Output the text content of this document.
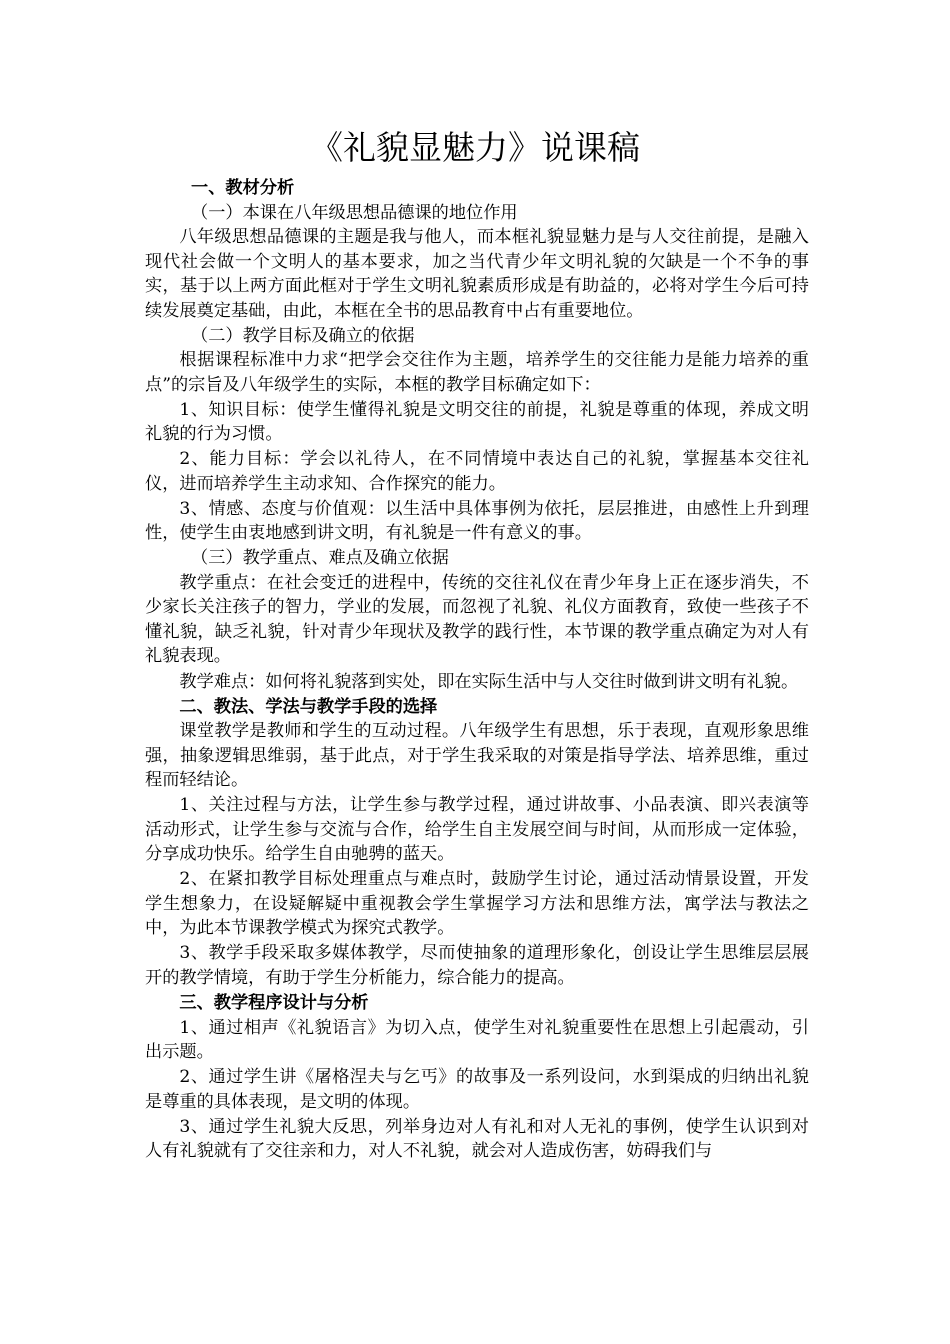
《礼貌显魅力》说课稿
一、教材分析
（一）本课在八年级思想品德课的地位作用

八年级思想品德课的主题是我与他人，而本框礼貌显魅力是与人交往前提，是融入现代社会做一个文明人的基本要求，加之当代青少年文明礼貌的欠缺是一个不争的事实，基于以上两方面此框对于学生文明礼貌素质形成是有助益的，必将对学生今后可持续发展奠定基础，由此，本框在全书的思品教育中占有重要地位。

（二）教学目标及确立的依据

根据课程标准中力求“把学会交往作为主题，培养学生的交往能力是能力培养的重点”的宗旨及八年级学生的实际，本框的教学目标确定如下：

1、知识目标：使学生懂得礼貌是文明交往的前提，礼貌是尊重的体现，养成文明礼貌的行为习惯。

2、能力目标：学会以礼待人，在不同情境中表达自己的礼貌，掌握基本交往礼仪，进而培养学生主动求知、合作探究的能力。

3、情感、态度与价值观：以生活中具体事例为依托，层层推进，由感性上升到理性，使学生由衷地感到讲文明，有礼貌是一件有意义的事。

（三）教学重点、难点及确立依据

教学重点：在社会变迁的进程中，传统的交往礼仪在青少年身上正在逐步消失，不少家长关注孩子的智力，学业的发展，而忽视了礼貌、礼仪方面教育，致使一些孩子不懂礼貌，缺乏礼貌，针对青少年现状及教学的践行性，本节课的教学重点确定为对人有礼貌表现。

教学难点：如何将礼貌落到实处，即在实际生活中与人交往时做到讲文明有礼貌。

二、教法、学法与教学手段的选择

课堂教学是教师和学生的互动过程。八年级学生有思想，乐于表现，直观形象思维强，抽象逻辑思维弱，基于此点，对于学生我采取的对策是指导学法、培养思维，重过程而轻结论。

1、关注过程与方法，让学生参与教学过程，通过讲故事、小品表演、即兴表演等活动形式，让学生参与交流与合作，给学生自主发展空间与时间，从而形成一定体验，分享成功快乐。给学生自由驰骋的蓝天。

2、在紧扣教学目标处理重点与难点时，鼓励学生讨论，通过活动情景设置，开发学生想象力，在设疑解疑中重视教会学生掌握学习方法和思维方法，寓学法与教法之中，为此本节课教学模式为探究式教学。

3、教学手段采取多媒体教学，尽而使抽象的道理形象化，创设让学生思维层层展开的教学情境，有助于学生分析能力，综合能力的提高。

三、教学程序设计与分析

1、通过相声《礼貌语言》为切入点，使学生对礼貌重要性在思想上引起震动，引出示题。

2、通过学生讲《屠格涅夫与乞丐》的故事及一系列设问，水到渠成的归纳出礼貌是尊重的具体表现，是文明的体现。

3、通过学生礼貌大反思，列举身边对人有礼和对人无礼的事例，使学生认识到对人有礼貌就有了交往亲和力，对人不礼貌，就会对人造成伤害，妨碍我们与
